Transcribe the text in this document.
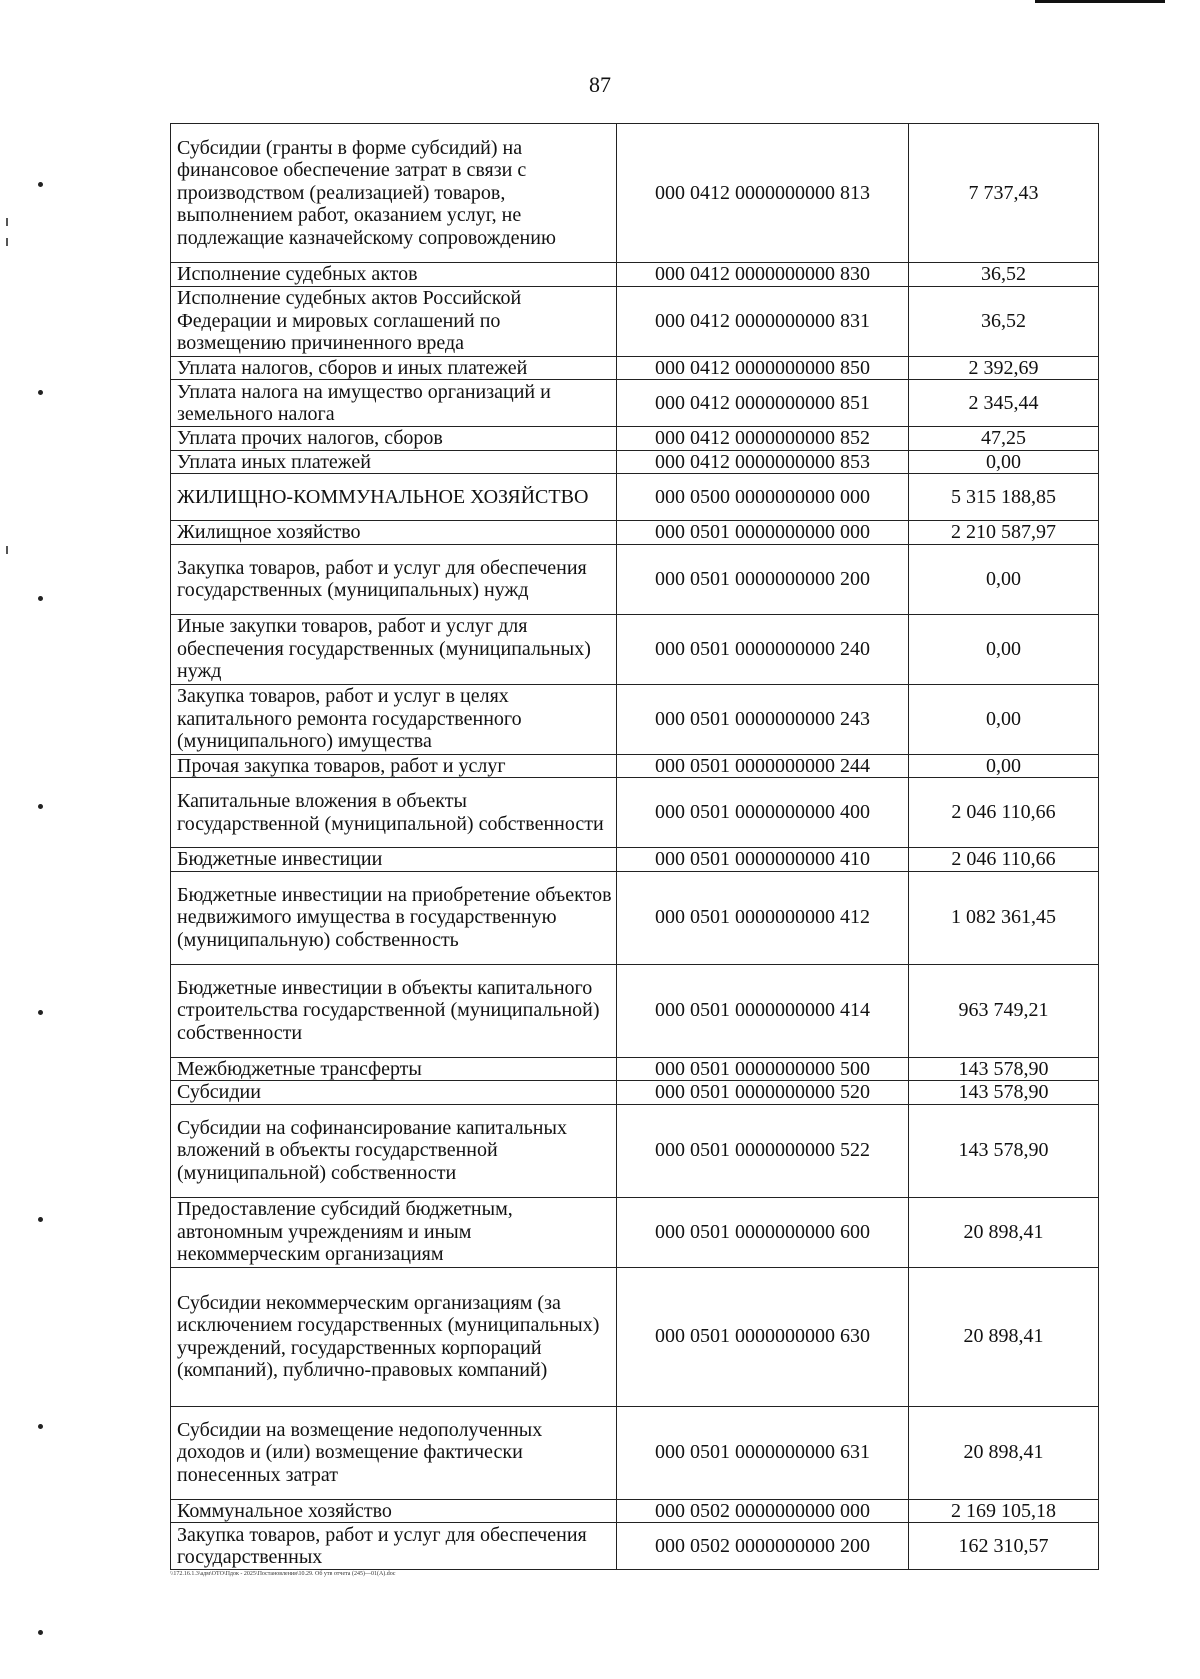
87
Субсидии (гранты в форме субсидий) на финансовое обеспечение затрат в связи с производством (реализацией) товаров, выполнением работ, оказанием услуг, не подлежащие казначейскому сопровождению	000 0412 0000000000 813	7 737,43
Исполнение судебных актов	000 0412 0000000000 830	36,52
Исполнение судебных актов Российской Федерации и мировых соглашений по возмещению причиненного вреда	000 0412 0000000000 831	36,52
Уплата налогов, сборов и иных платежей	000 0412 0000000000 850	2 392,69
Уплата налога на имущество организаций и земельного налога	000 0412 0000000000 851	2 345,44
Уплата прочих налогов, сборов	000 0412 0000000000 852	47,25
Уплата иных платежей	000 0412 0000000000 853	0,00
ЖИЛИЩНО-КОММУНАЛЬНОЕ ХОЗЯЙСТВО	000 0500 0000000000 000	5 315 188,85
Жилищное хозяйство	000 0501 0000000000 000	2 210 587,97
Закупка товаров, работ и услуг для обеспечения государственных (муниципальных) нужд	000 0501 0000000000 200	0,00
Иные закупки товаров, работ и услуг для обеспечения государственных (муниципальных) нужд	000 0501 0000000000 240	0,00
Закупка товаров, работ и услуг в целях капитального ремонта государственного (муниципального) имущества	000 0501 0000000000 243	0,00
Прочая закупка товаров, работ и услуг	000 0501 0000000000 244	0,00
Капитальные вложения в объекты государственной (муниципальной) собственности	000 0501 0000000000 400	2 046 110,66
Бюджетные инвестиции	000 0501 0000000000 410	2 046 110,66
Бюджетные инвестиции на приобретение объектов недвижимого имущества в государственную (муниципальную) собственность	000 0501 0000000000 412	1 082 361,45
Бюджетные инвестиции в объекты капитального строительства государственной (муниципальной) собственности	000 0501 0000000000 414	963 749,21
Межбюджетные трансферты	000 0501 0000000000 500	143 578,90
Субсидии	000 0501 0000000000 520	143 578,90
Субсидии на софинансирование капитальных вложений в объекты государственной (муниципальной) собственности	000 0501 0000000000 522	143 578,90
Предоставление субсидий бюджетным, автономным учреждениям и иным некоммерческим организациям	000 0501 0000000000 600	20 898,41
Субсидии некоммерческим организациям (за исключением государственных (муниципальных) учреждений, государственных корпораций (компаний), публично-правовых компаний)	000 0501 0000000000 630	20 898,41
Субсидии на возмещение недополученных доходов и (или) возмещение фактически понесенных затрат	000 0501 0000000000 631	20 898,41
Коммунальное хозяйство	000 0502 0000000000 000	2 169 105,18
Закупка товаров, работ и услуг для обеспечения государственных	000 0502 0000000000 200	162 310,57
\\172.16.1.3\адм\ОТО\Пдок - 2025\Постановления\10.29. Об утв отчета (245)—01(А).doc
